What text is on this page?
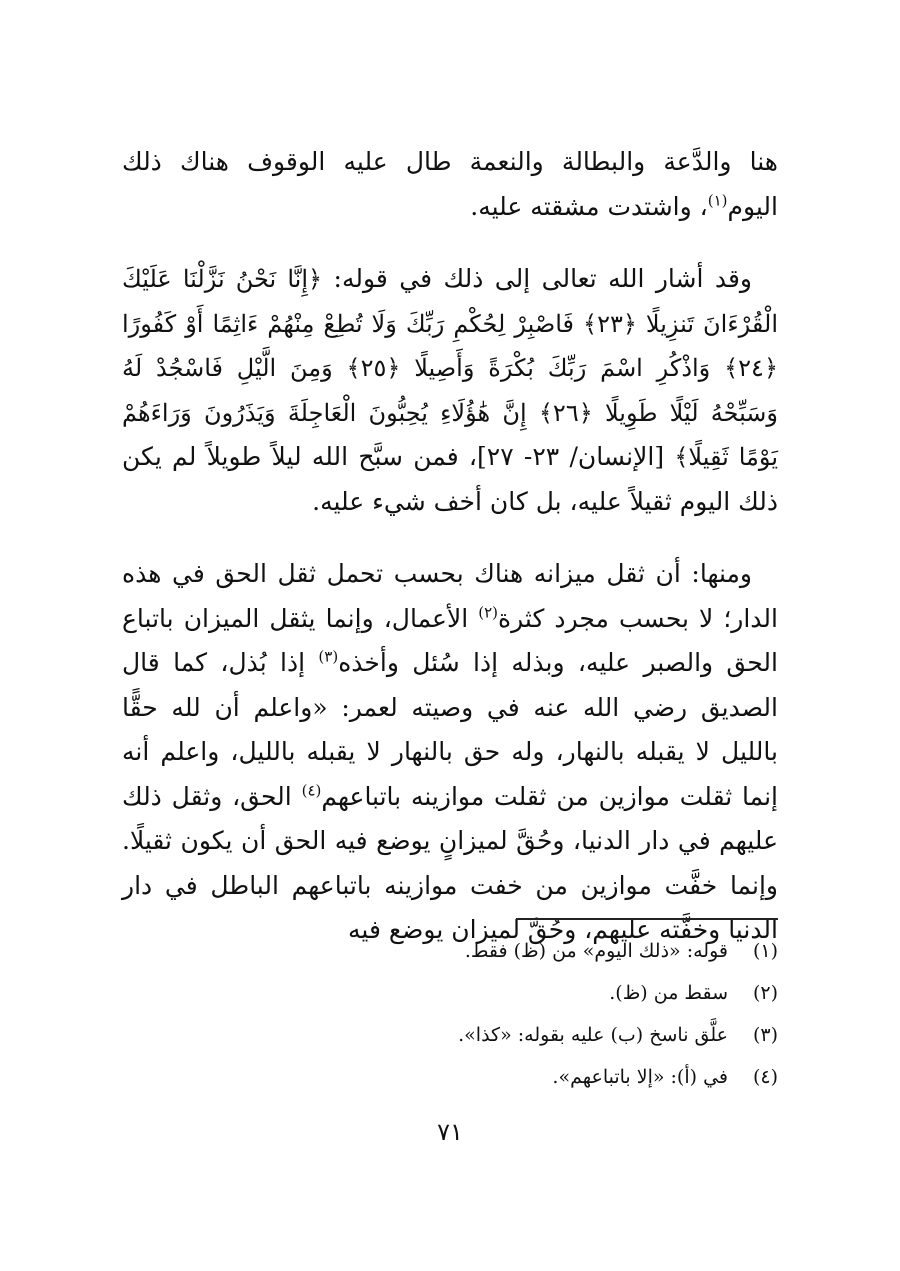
هنا والدَّعة والبطالة والنعمة طال عليه الوقوف هناك ذلك اليوم$^{(١)}$، واشتدت مشقته عليه.

وقد أشار الله تعالى إلى ذلك في قوله: ﴿إِنَّا نَحْنُ نَزَّلْنَا عَلَيْكَ الْقُرْءَانَ تَنزِيلًا ﴿٢٣﴾ فَاصْبِرْ لِحُكْمِ رَبِّكَ وَلَا تُطِعْ مِنْهُمْ ءَاثِمًا أَوْ كَفُورًا ﴿٢٤﴾ وَاذْكُرِ اسْمَ رَبِّكَ بُكْرَةً وَأَصِيلًا ﴿٢٥﴾ وَمِنَ الَّيْلِ فَاسْجُدْ لَهُ وَسَبِّحْهُ لَيْلًا طَوِيلًا ﴿٢٦﴾ إِنَّ هَٰؤُلَاءِ يُحِبُّونَ الْعَاجِلَةَ وَيَذَرُونَ وَرَاءَهُمْ يَوْمًا ثَقِيلًا﴾ [الإنسان/ ٢٣- ٢٧]، فمن سبَّح الله ليلاً طويلاً لم يكن ذلك اليوم ثقيلاً عليه، بل كان أخف شيء عليه.

ومنها: أن ثقل ميزانه هناك بحسب تحمل ثقل الحق في هذه الدار؛ لا بحسب مجرد كثرة$^{(٢)}$ الأعمال، وإنما يثقل الميزان باتباع الحق والصبر عليه، وبذله إذا سُئل وأخذه$^{(٣)}$ إذا بُذل، كما قال الصديق رضي الله عنه في وصيته لعمر: «واعلم أن لله حقًّا بالليل لا يقبله بالنهار، وله حق بالنهار لا يقبله بالليل، واعلم أنه إنما ثقلت موازين من ثقلت موازينه باتباعهم$^{(٤)}$ الحق، وثقل ذلك عليهم في دار الدنيا، وحُقَّ لميزانٍ يوضع فيه الحق أن يكون ثقيلًا. وإنما خفَّت موازين من خفت موازينه باتباعهم الباطل في دار الدنيا وخفَّته عليهم، وحُقَّ لميزان يوضع فيه

(١)
قوله: «ذلك اليوم» من (ظ) فقط.
(٢)
سقط من (ظ).
(٣)
علَّق ناسخ (ب) عليه بقوله: «كذا».
(٤)
في (أ): «إلا باتباعهم».
٧١
